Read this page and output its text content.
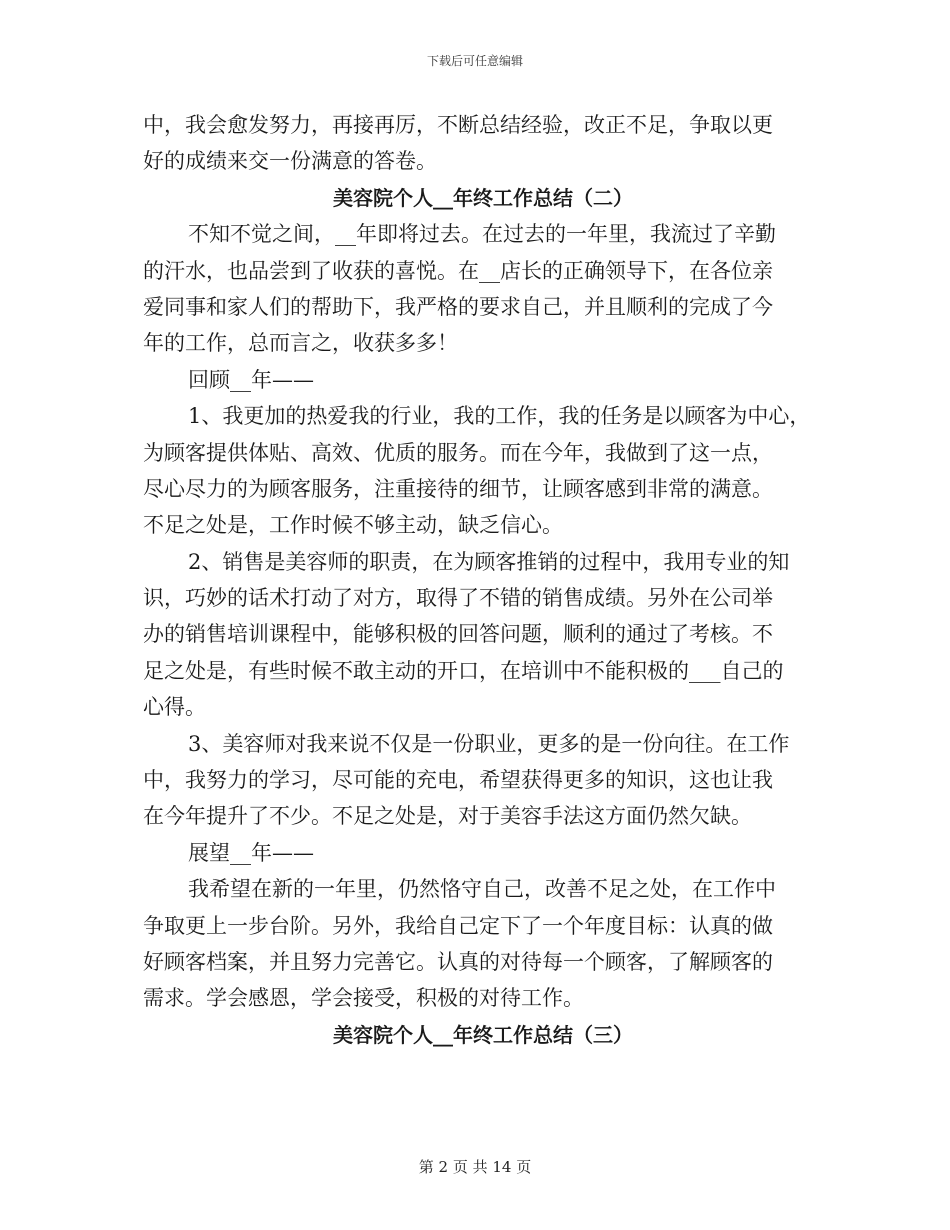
下载后可任意编辑
中，我会愈发努力，再接再厉，不断总结经验，改正不足，争取以更
好的成绩来交一份满意的答卷。
美容院个人__年终工作总结（二）
不知不觉之间，__年即将过去。在过去的一年里，我流过了辛勤
的汗水，也品尝到了收获的喜悦。在__店长的正确领导下，在各位亲
爱同事和家人们的帮助下，我严格的要求自己，并且顺利的完成了今
年的工作，总而言之，收获多多！
回顾__年——
1、我更加的热爱我的行业，我的工作，我的任务是以顾客为中心，
为顾客提供体贴、高效、优质的服务。而在今年，我做到了这一点，
尽心尽力的为顾客服务，注重接待的细节，让顾客感到非常的满意。
不足之处是，工作时候不够主动，缺乏信心。
2、销售是美容师的职责，在为顾客推销的过程中，我用专业的知
识，巧妙的话术打动了对方，取得了不错的销售成绩。另外在公司举
办的销售培训课程中，能够积极的回答问题，顺利的通过了考核。不
足之处是，有些时候不敢主动的开口，在培训中不能积极的___自己的
心得。
3、美容师对我来说不仅是一份职业，更多的是一份向往。在工作
中，我努力的学习，尽可能的充电，希望获得更多的知识，这也让我
在今年提升了不少。不足之处是，对于美容手法这方面仍然欠缺。
展望__年——
我希望在新的一年里，仍然恪守自己，改善不足之处，在工作中
争取更上一步台阶。另外，我给自己定下了一个年度目标：认真的做
好顾客档案，并且努力完善它。认真的对待每一个顾客，了解顾客的
需求。学会感恩，学会接受，积极的对待工作。
美容院个人__年终工作总结（三）
第 2 页 共 14 页
